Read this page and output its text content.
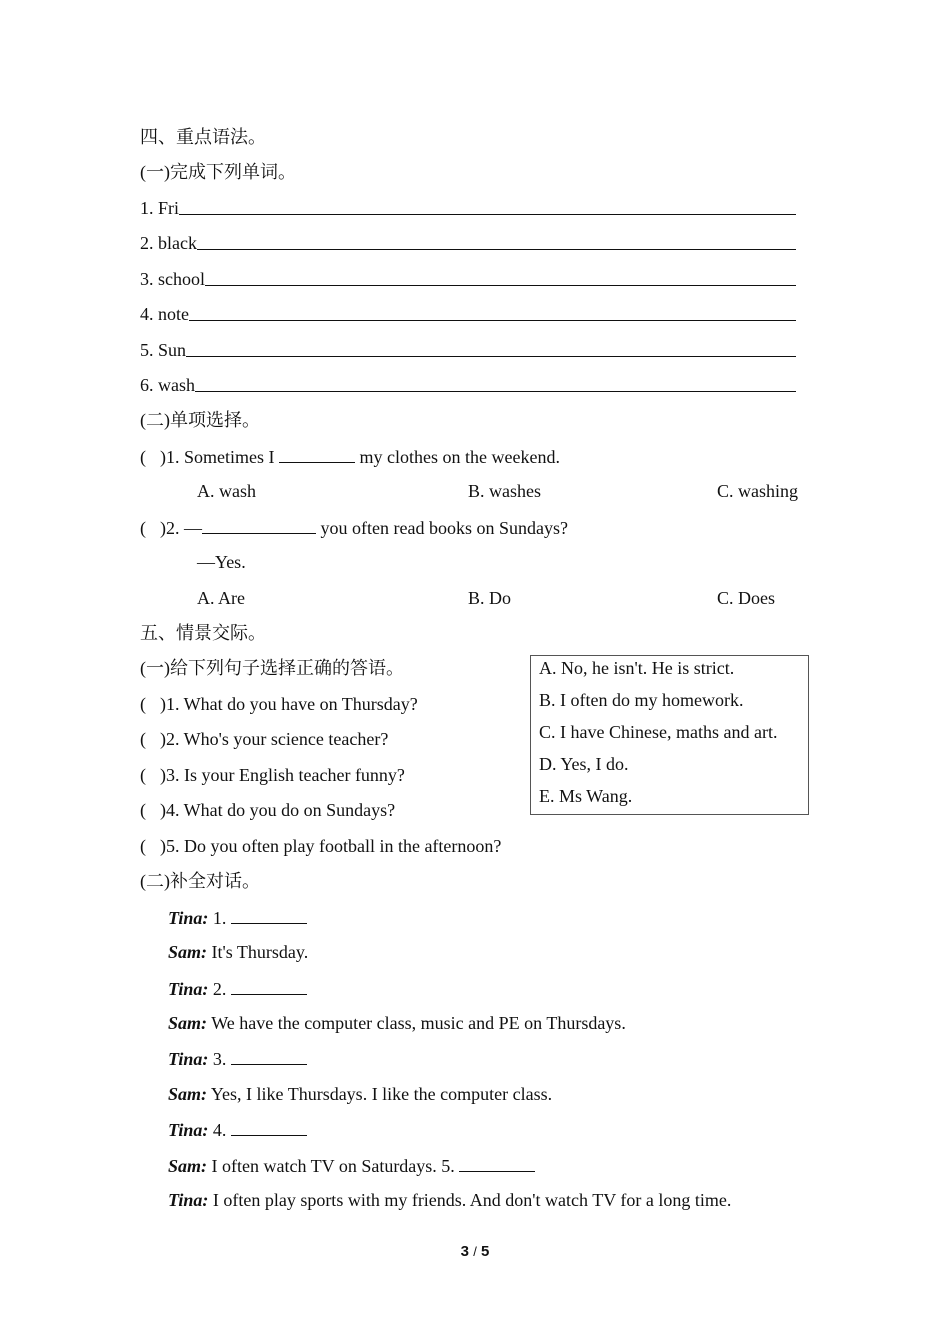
四、重点语法。
(一)完成下列单词。
1. Fri
2. black
3. school
4. note
5. Sun
6. wash
(二)单项选择。
( )1. Sometimes I	my clothes on the weekend.
A. wash	B. washes	C. washing
( )2. —	you often read books on Sundays?
—Yes.
A. Are	B. Do	C. Does
五、情景交际。
(一)给下列句子选择正确的答语。
( )1. What do you have on Thursday?
( )2. Who's your science teacher?
( )3. Is your English teacher funny?
( )4. What do you do on Sundays?
( )5. Do you often play football in the afternoon?
A. No, he isn't. He is strict.
B. I often do my homework.
C. I have Chinese, maths and art.
D. Yes, I do.
E. Ms Wang.
(二)补全对话。
Tina: 1.
Sam: It's Thursday.
Tina: 2.
Sam: We have the computer class, music and PE on Thursdays.
Tina: 3.
Sam: Yes, I like Thursdays. I like the computer class.
Tina: 4.
Sam: I often watch TV on Saturdays. 5.
Tina: I often play sports with my friends. And don't watch TV for a long time.
3 / 5
